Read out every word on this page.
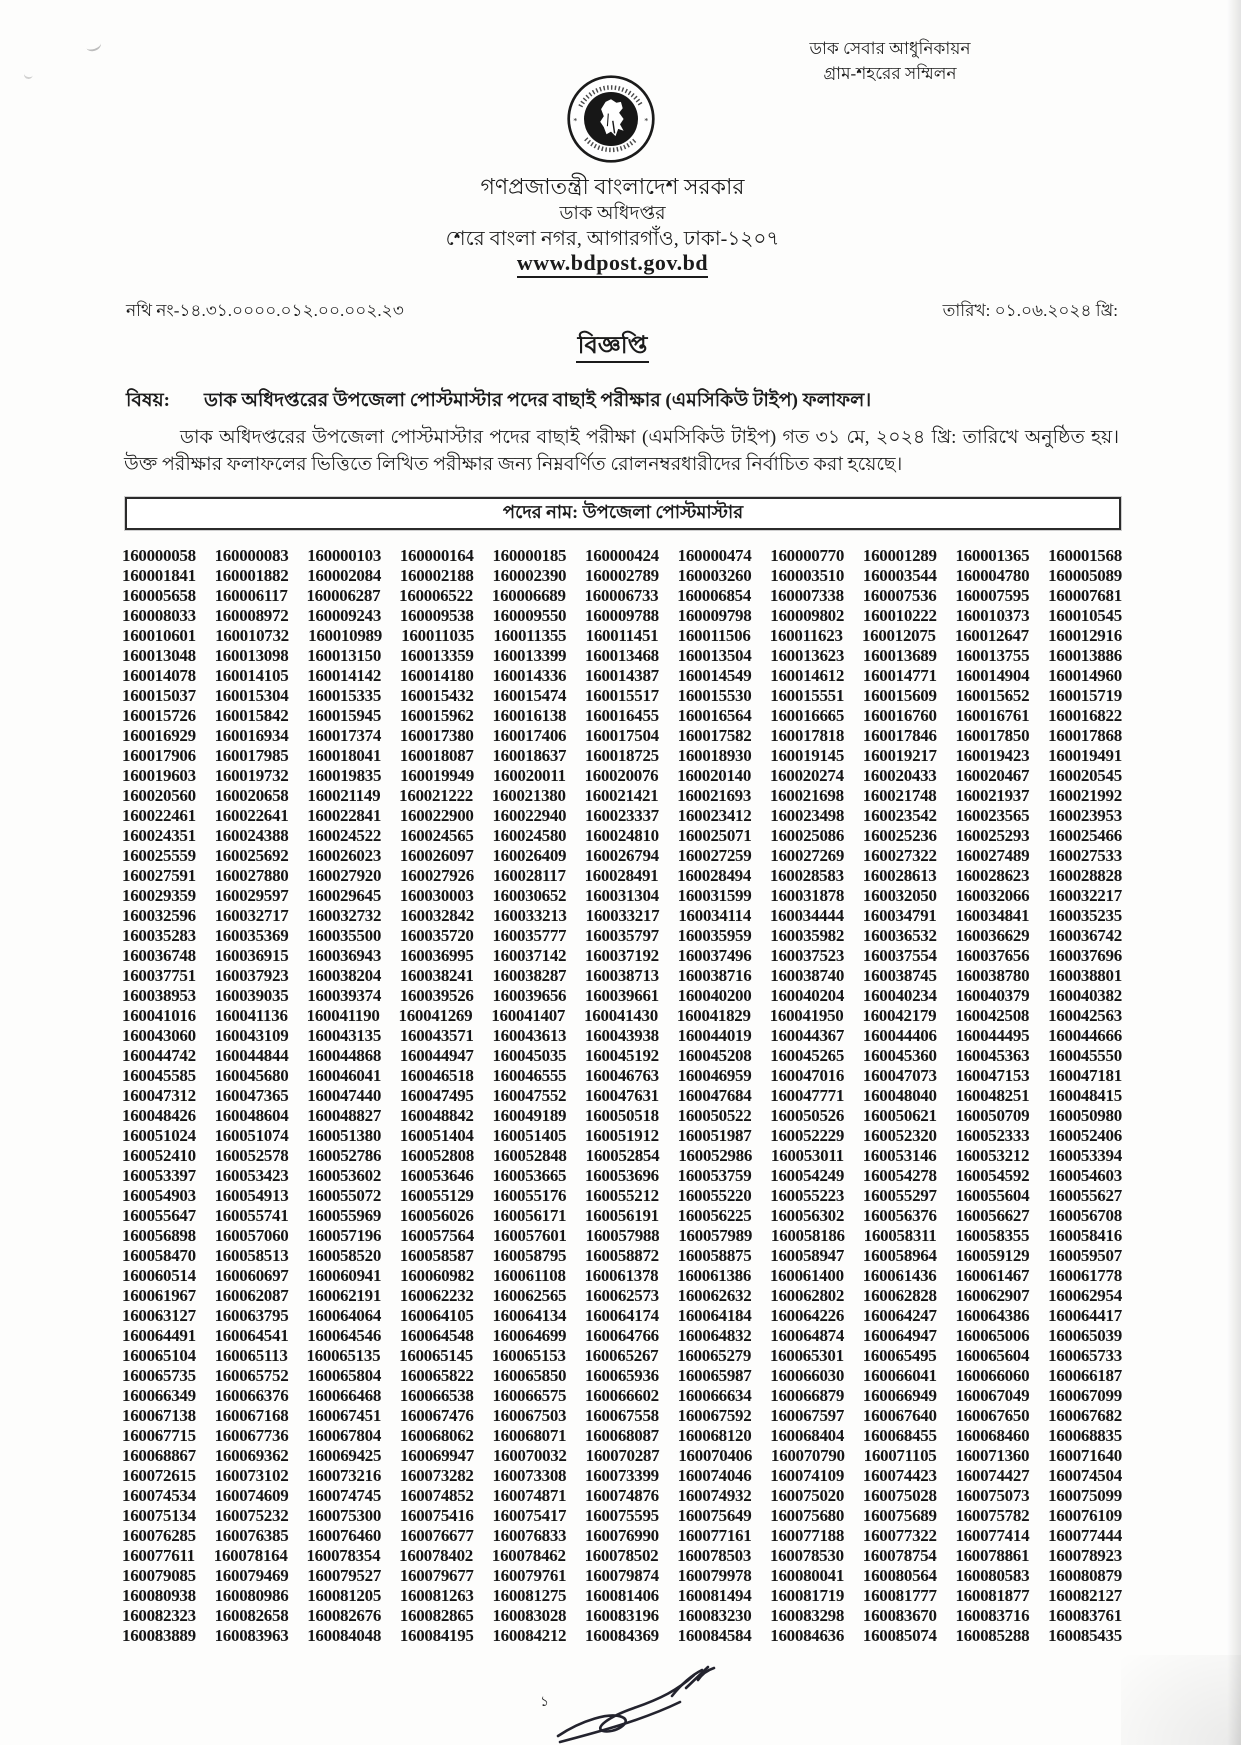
ডাক সেবার আধুনিকায়ন
গ্রাম-শহরের সম্মিলন
*	*
গণপ্রজাতন্ত্রী বাংলাদেশ সরকার
ডাক অধিদপ্তর
শেরে বাংলা নগর, আগারগাঁও, ঢাকা-১২০৭
www.bdpost.gov.bd
নথি নং-১৪.৩১.০০০০.০১২.০০.০০২.২৩	তারিখ: ০১.০৬.২০২৪ খ্রি:
বিজ্ঞপ্তি
বিষয়:	ডাক অধিদপ্তরের উপজেলা পোস্টমাস্টার পদের বাছাই পরীক্ষার (এমসিকিউ টাইপ) ফলাফল।
ডাক অধিদপ্তরের উপজেলা পোস্টমাস্টার পদের বাছাই পরীক্ষা (এমসিকিউ টাইপ) গত ৩১ মে, ২০২৪ খ্রি: তারিখে অনুষ্ঠিত হয়। উক্ত পরীক্ষার ফলাফলের ভিত্তিতে লিখিত পরীক্ষার জন্য নিম্নবর্ণিত রোলনম্বরধারীদের নির্বাচিত করা হয়েছে।
পদের নাম: উপজেলা পোস্টমাস্টার
160000058 160000083 160000103 160000164 160000185 160000424 160000474 160000770 160001289 160001365 160001568
160001841 160001882 160002084 160002188 160002390 160002789 160003260 160003510 160003544 160004780 160005089
160005658 160006117 160006287 160006522 160006689 160006733 160006854 160007338 160007536 160007595 160007681
160008033 160008972 160009243 160009538 160009550 160009788 160009798 160009802 160010222 160010373 160010545
160010601 160010732 160010989 160011035 160011355 160011451 160011506 160011623 160012075 160012647 160012916
160013048 160013098 160013150 160013359 160013399 160013468 160013504 160013623 160013689 160013755 160013886
160014078 160014105 160014142 160014180 160014336 160014387 160014549 160014612 160014771 160014904 160014960
160015037 160015304 160015335 160015432 160015474 160015517 160015530 160015551 160015609 160015652 160015719
160015726 160015842 160015945 160015962 160016138 160016455 160016564 160016665 160016760 160016761 160016822
160016929 160016934 160017374 160017380 160017406 160017504 160017582 160017818 160017846 160017850 160017868
160017906 160017985 160018041 160018087 160018637 160018725 160018930 160019145 160019217 160019423 160019491
160019603 160019732 160019835 160019949 160020011 160020076 160020140 160020274 160020433 160020467 160020545
160020560 160020658 160021149 160021222 160021380 160021421 160021693 160021698 160021748 160021937 160021992
160022461 160022641 160022841 160022900 160022940 160023337 160023412 160023498 160023542 160023565 160023953
160024351 160024388 160024522 160024565 160024580 160024810 160025071 160025086 160025236 160025293 160025466
160025559 160025692 160026023 160026097 160026409 160026794 160027259 160027269 160027322 160027489 160027533
160027591 160027880 160027920 160027926 160028117 160028491 160028494 160028583 160028613 160028623 160028828
160029359 160029597 160029645 160030003 160030652 160031304 160031599 160031878 160032050 160032066 160032217
160032596 160032717 160032732 160032842 160033213 160033217 160034114 160034444 160034791 160034841 160035235
160035283 160035369 160035500 160035720 160035777 160035797 160035959 160035982 160036532 160036629 160036742
160036748 160036915 160036943 160036995 160037142 160037192 160037496 160037523 160037554 160037656 160037696
160037751 160037923 160038204 160038241 160038287 160038713 160038716 160038740 160038745 160038780 160038801
160038953 160039035 160039374 160039526 160039656 160039661 160040200 160040204 160040234 160040379 160040382
160041016 160041136 160041190 160041269 160041407 160041430 160041829 160041950 160042179 160042508 160042563
160043060 160043109 160043135 160043571 160043613 160043938 160044019 160044367 160044406 160044495 160044666
160044742 160044844 160044868 160044947 160045035 160045192 160045208 160045265 160045360 160045363 160045550
160045585 160045680 160046041 160046518 160046555 160046763 160046959 160047016 160047073 160047153 160047181
160047312 160047365 160047440 160047495 160047552 160047631 160047684 160047771 160048040 160048251 160048415
160048426 160048604 160048827 160048842 160049189 160050518 160050522 160050526 160050621 160050709 160050980
160051024 160051074 160051380 160051404 160051405 160051912 160051987 160052229 160052320 160052333 160052406
160052410 160052578 160052786 160052808 160052848 160052854 160052986 160053011 160053146 160053212 160053394
160053397 160053423 160053602 160053646 160053665 160053696 160053759 160054249 160054278 160054592 160054603
160054903 160054913 160055072 160055129 160055176 160055212 160055220 160055223 160055297 160055604 160055627
160055647 160055741 160055969 160056026 160056171 160056191 160056225 160056302 160056376 160056627 160056708
160056898 160057060 160057196 160057564 160057601 160057988 160057989 160058186 160058311 160058355 160058416
160058470 160058513 160058520 160058587 160058795 160058872 160058875 160058947 160058964 160059129 160059507
160060514 160060697 160060941 160060982 160061108 160061378 160061386 160061400 160061436 160061467 160061778
160061967 160062087 160062191 160062232 160062565 160062573 160062632 160062802 160062828 160062907 160062954
160063127 160063795 160064064 160064105 160064134 160064174 160064184 160064226 160064247 160064386 160064417
160064491 160064541 160064546 160064548 160064699 160064766 160064832 160064874 160064947 160065006 160065039
160065104 160065113 160065135 160065145 160065153 160065267 160065279 160065301 160065495 160065604 160065733
160065735 160065752 160065804 160065822 160065850 160065936 160065987 160066030 160066041 160066060 160066187
160066349 160066376 160066468 160066538 160066575 160066602 160066634 160066879 160066949 160067049 160067099
160067138 160067168 160067451 160067476 160067503 160067558 160067592 160067597 160067640 160067650 160067682
160067715 160067736 160067804 160068062 160068071 160068087 160068120 160068404 160068455 160068460 160068835
160068867 160069362 160069425 160069947 160070032 160070287 160070406 160070790 160071105 160071360 160071640
160072615 160073102 160073216 160073282 160073308 160073399 160074046 160074109 160074423 160074427 160074504
160074534 160074609 160074745 160074852 160074871 160074876 160074932 160075020 160075028 160075073 160075099
160075134 160075232 160075300 160075416 160075417 160075595 160075649 160075680 160075689 160075782 160076109
160076285 160076385 160076460 160076677 160076833 160076990 160077161 160077188 160077322 160077414 160077444
160077611 160078164 160078354 160078402 160078462 160078502 160078503 160078530 160078754 160078861 160078923
160079085 160079469 160079527 160079677 160079761 160079874 160079978 160080041 160080564 160080583 160080879
160080938 160080986 160081205 160081263 160081275 160081406 160081494 160081719 160081777 160081877 160082127
160082323 160082658 160082676 160082865 160083028 160083196 160083230 160083298 160083670 160083716 160083761
160083889 160083963 160084048 160084195 160084212 160084369 160084584 160084636 160085074 160085288 160085435
১
